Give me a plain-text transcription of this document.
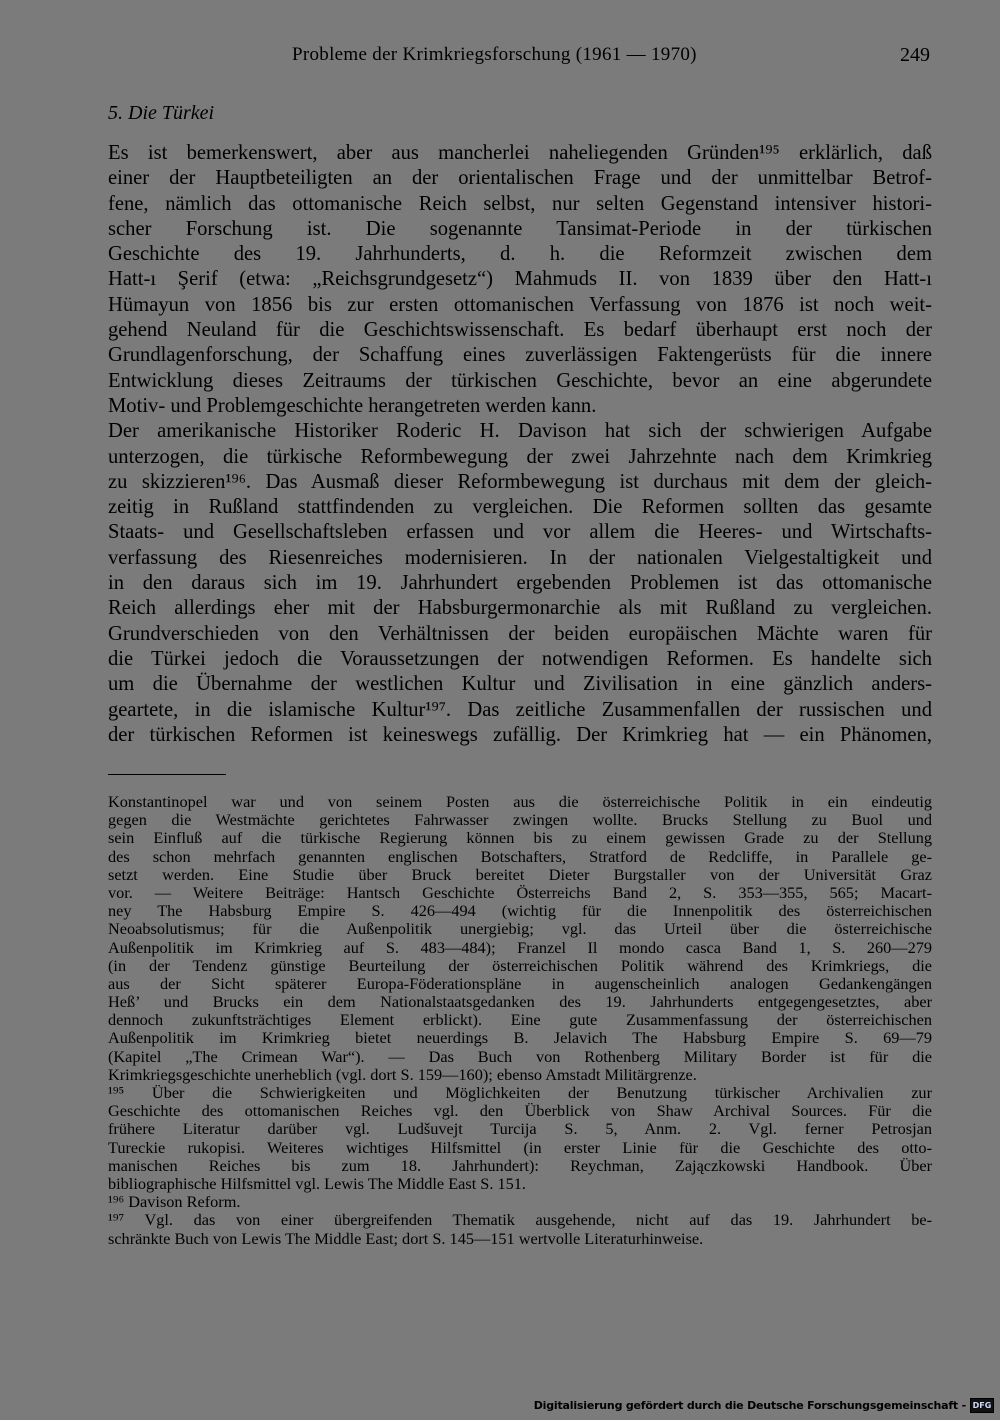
Probleme der Krimkriegsforschung (1961 — 1970)	249
5. Die Türkei
Es ist bemerkenswert, aber aus mancherlei naheliegenden Gründen¹⁹⁵ erklärlich, daß
einer der Hauptbeteiligten an der orientalischen Frage und der unmittelbar Betrof-
fene, nämlich das ottomanische Reich selbst, nur selten Gegenstand intensiver histori-
scher Forschung ist. Die sogenannte Tansimat-Periode in der türkischen
Geschichte des 19. Jahrhunderts, d. h. die Reformzeit zwischen dem
Hatt-ı Şerif (etwa: „Reichsgrundgesetz“) Mahmuds II. von 1839 über den Hatt-ı
Hümayun von 1856 bis zur ersten ottomanischen Verfassung von 1876 ist noch weit-
gehend Neuland für die Geschichtswissenschaft. Es bedarf überhaupt erst noch der
Grundlagenforschung, der Schaffung eines zuverlässigen Faktengerüsts für die innere
Entwicklung dieses Zeitraums der türkischen Geschichte, bevor an eine abgerundete
Motiv- und Problemgeschichte herangetreten werden kann.
Der amerikanische Historiker Roderic H. Davison hat sich der schwierigen Aufgabe
unterzogen, die türkische Reformbewegung der zwei Jahrzehnte nach dem Krimkrieg
zu skizzieren¹⁹⁶. Das Ausmaß dieser Reformbewegung ist durchaus mit dem der gleich-
zeitig in Rußland stattfindenden zu vergleichen. Die Reformen sollten das gesamte
Staats- und Gesellschaftsleben erfassen und vor allem die Heeres- und Wirtschafts-
verfassung des Riesenreiches modernisieren. In der nationalen Vielgestaltigkeit und
in den daraus sich im 19. Jahrhundert ergebenden Problemen ist das ottomanische
Reich allerdings eher mit der Habsburgermonarchie als mit Rußland zu vergleichen.
Grundverschieden von den Verhältnissen der beiden europäischen Mächte waren für
die Türkei jedoch die Voraussetzungen der notwendigen Reformen. Es handelte sich
um die Übernahme der westlichen Kultur und Zivilisation in eine gänzlich anders-
geartete, in die islamische Kultur¹⁹⁷. Das zeitliche Zusammenfallen der russischen und
der türkischen Reformen ist keineswegs zufällig. Der Krimkrieg hat — ein Phänomen,
Konstantinopel war und von seinem Posten aus die österreichische Politik in ein eindeutig
gegen die Westmächte gerichtetes Fahrwasser zwingen wollte. Brucks Stellung zu Buol und
sein Einfluß auf die türkische Regierung können bis zu einem gewissen Grade zu der Stellung
des schon mehrfach genannten englischen Botschafters, Stratford de Redcliffe, in Parallele ge-
setzt werden. Eine Studie über Bruck bereitet Dieter Burgstaller von der Universität Graz
vor. — Weitere Beiträge: Hantsch Geschichte Österreichs Band 2, S. 353—355, 565; Macart-
ney The Habsburg Empire S. 426—494 (wichtig für die Innenpolitik des österreichischen
Neoabsolutismus; für die Außenpolitik unergiebig; vgl. das Urteil über die österreichische
Außenpolitik im Krimkrieg auf S. 483—484); Franzel Il mondo casca Band 1, S. 260—279
(in der Tendenz günstige Beurteilung der österreichischen Politik während des Krimkriegs, die
aus der Sicht späterer Europa-Föderationspläne in augenscheinlich analogen Gedankengängen
Heß’ und Brucks ein dem Nationalstaatsgedanken des 19. Jahrhunderts entgegengesetztes, aber
dennoch zukunftsträchtiges Element erblickt). Eine gute Zusammenfassung der österreichischen
Außenpolitik im Krimkrieg bietet neuerdings B. Jelavich The Habsburg Empire S. 69—79
(Kapitel „The Crimean War“). — Das Buch von Rothenberg Military Border ist für die
Krimkriegsgeschichte unerheblich (vgl. dort S. 159—160); ebenso Amstadt Militärgrenze.
¹⁹⁵ Über die Schwierigkeiten und Möglichkeiten der Benutzung türkischer Archivalien zur
Geschichte des ottomanischen Reiches vgl. den Überblick von Shaw Archival Sources. Für die
frühere Literatur darüber vgl. Ludšuvejt Turcija S. 5, Anm. 2. Vgl. ferner Petrosjan
Tureckie rukopisi. Weiteres wichtiges Hilfsmittel (in erster Linie für die Geschichte des otto-
manischen Reiches bis zum 18. Jahrhundert): Reychman, Zajączkowski Handbook. Über
bibliographische Hilfsmittel vgl. Lewis The Middle East S. 151.
¹⁹⁶ Davison Reform.
¹⁹⁷ Vgl. das von einer übergreifenden Thematik ausgehende, nicht auf das 19. Jahrhundert be-
schränkte Buch von Lewis The Middle East; dort S. 145—151 wertvolle Literaturhinweise.
Digitalisierung gefördert durch die Deutsche Forschungsgemeinschaft - DFG
